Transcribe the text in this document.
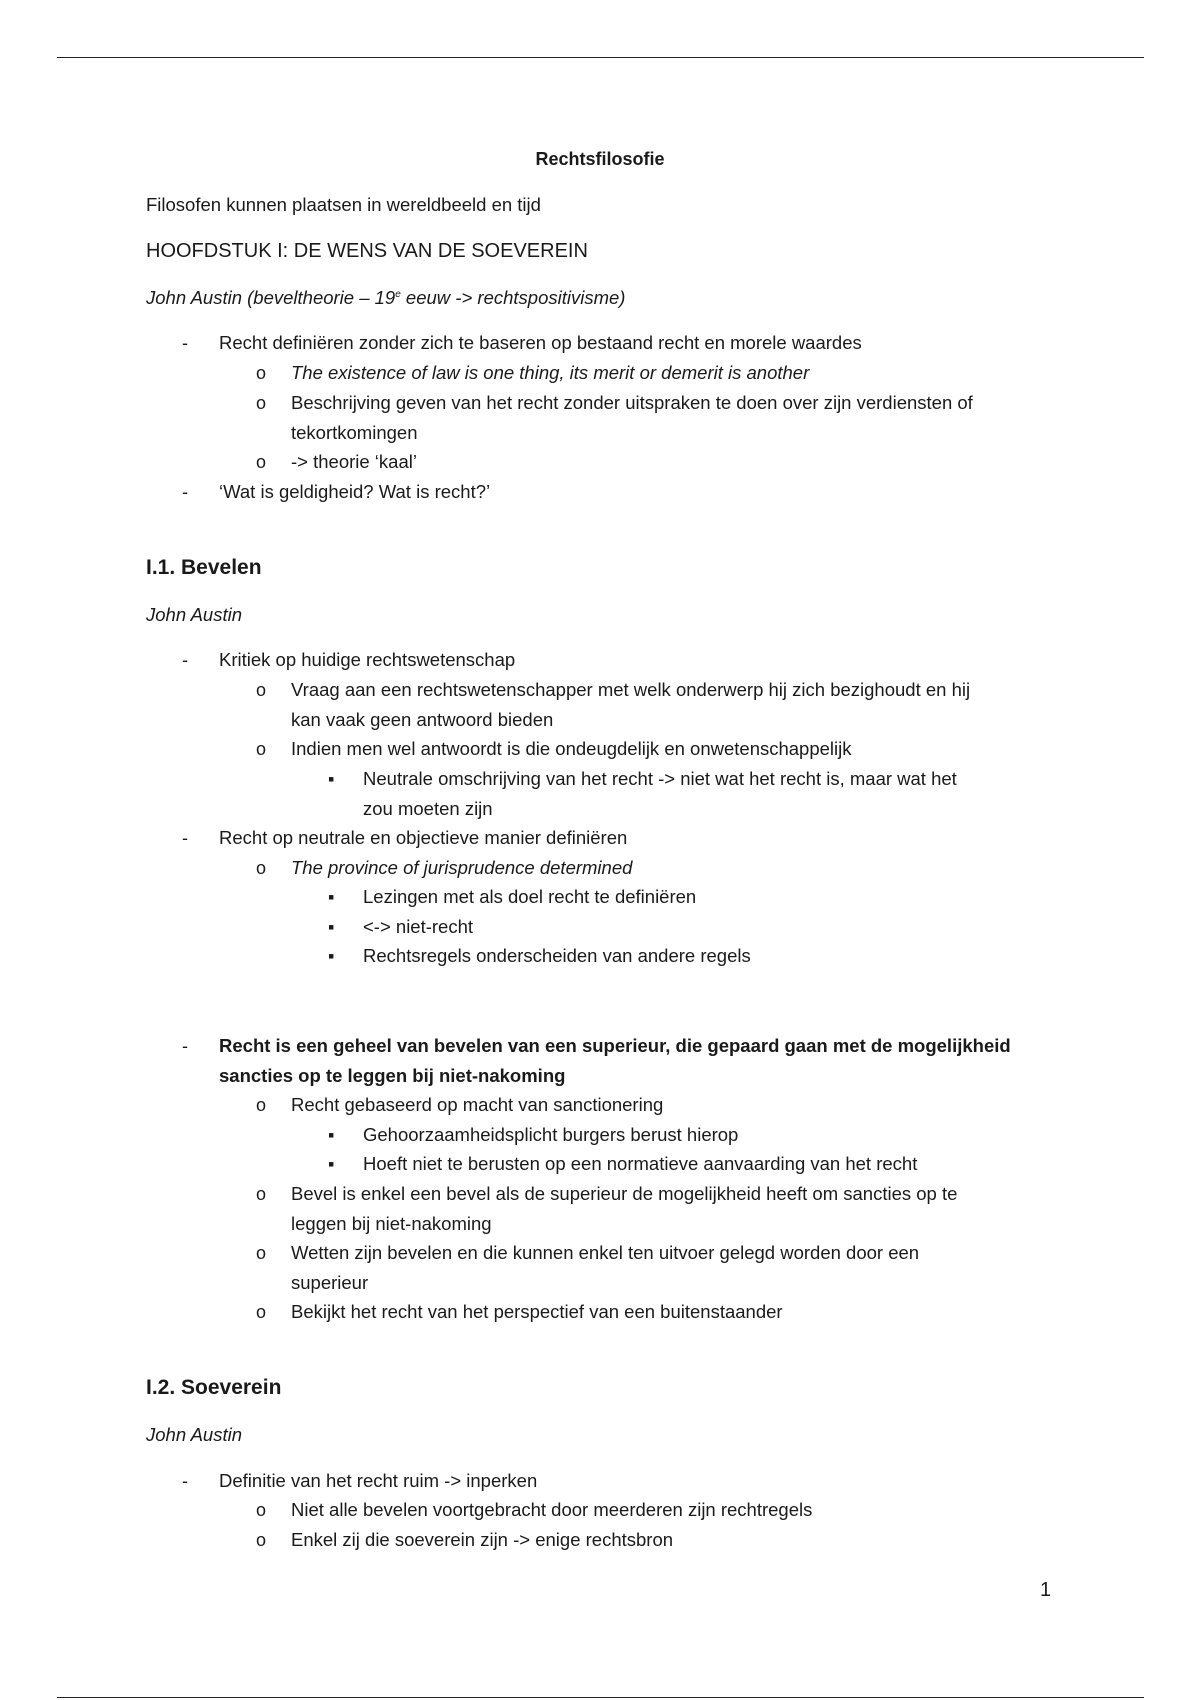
Rechtsfilosofie
Filosofen kunnen plaatsen in wereldbeeld en tijd
HOOFDSTUK I: DE WENS VAN DE SOEVEREIN
John Austin (beveltheorie – 19e eeuw -> rechtspositivisme)
- Recht definiëren zonder zich te baseren op bestaand recht en morele waardes
o The existence of law is one thing, its merit or demerit is another
o Beschrijving geven van het recht zonder uitspraken te doen over zijn verdiensten of
tekortkomingen
o -> theorie ‘kaal’
- ‘Wat is geldigheid? Wat is recht?’
I.1. Bevelen
John Austin
- Kritiek op huidige rechtswetenschap
o Vraag aan een rechtswetenschapper met welk onderwerp hij zich bezighoudt en hij
kan vaak geen antwoord bieden
o Indien men wel antwoordt is die ondeugdelijk en onwetenschappelijk
▪ Neutrale omschrijving van het recht -> niet wat het recht is, maar wat het
zou moeten zijn
- Recht op neutrale en objectieve manier definiëren
o The province of jurisprudence determined
▪ Lezingen met als doel recht te definiëren
▪ <-> niet-recht
▪ Rechtsregels onderscheiden van andere regels
- Recht is een geheel van bevelen van een superieur, die gepaard gaan met de mogelijkheid
sancties op te leggen bij niet-nakoming
o Recht gebaseerd op macht van sanctionering
▪ Gehoorzaamheidsplicht burgers berust hierop
▪ Hoeft niet te berusten op een normatieve aanvaarding van het recht
o Bevel is enkel een bevel als de superieur de mogelijkheid heeft om sancties op te
leggen bij niet-nakoming
o Wetten zijn bevelen en die kunnen enkel ten uitvoer gelegd worden door een
superieur
o Bekijkt het recht van het perspectief van een buitenstaander
I.2. Soeverein
John Austin
- Definitie van het recht ruim -> inperken
o Niet alle bevelen voortgebracht door meerderen zijn rechtregels
o Enkel zij die soeverein zijn -> enige rechtsbron
1
